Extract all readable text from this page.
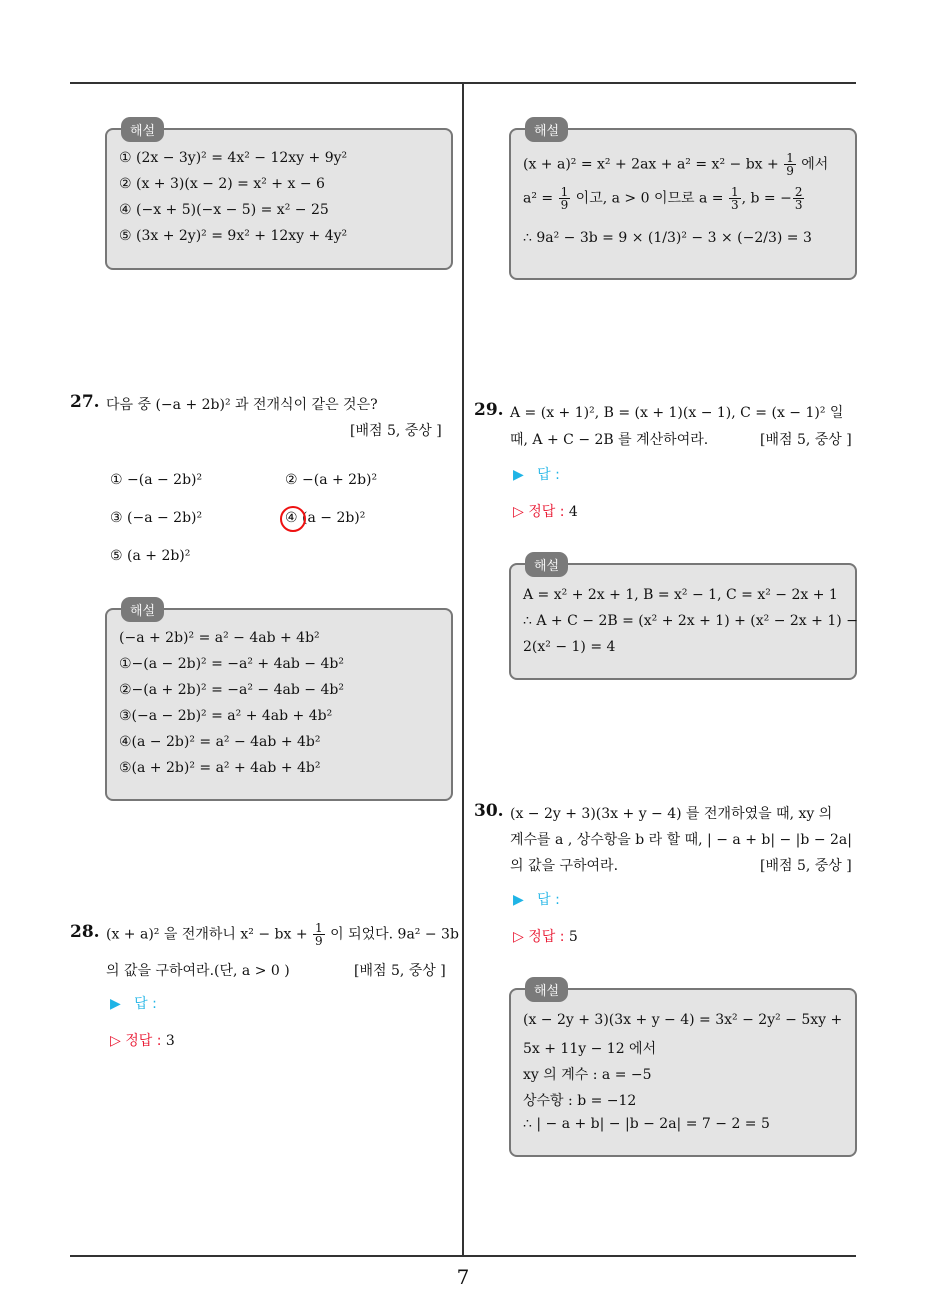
7
해설
① (2x − 3y)² = 4x² − 12xy + 9y²
② (x + 3)(x − 2) = x² + x − 6
④ (−x + 5)(−x − 5) = x² − 25
⑤ (3x + 2y)² = 9x² + 12xy + 4y²
27. 다음 중 (−a + 2b)² 과 전개식이 같은 것은?
[배점 5, 중상 ]
① −(a − 2b)²	② −(a + 2b)²
③ (−a − 2b)²	④ (a − 2b)²
⑤ (a + 2b)²
해설
(−a + 2b)² = a² − 4ab + 4b²
①−(a − 2b)² = −a² + 4ab − 4b²
②−(a + 2b)² = −a² − 4ab − 4b²
③(−a − 2b)² = a² + 4ab + 4b²
④(a − 2b)² = a² − 4ab + 4b²
⑤(a + 2b)² = a² + 4ab + 4b²
28. (x + a)² 을 전개하니 x² − bx + $\frac{1}{9}$ 이 되었다. 9a² − 3b
의 값을 구하여라.(단, a > 0 )	[배점 5, 중상 ]
▶ 답 :
▷ 정답 : 3
해설
(x + a)² = x² + 2ax + a² = x² − bx + $\frac{1}{9}$ 에서
$a^2 = \frac{1}{9}$ 이고, a > 0 이므로 $a = \frac{1}{3}$ , b = − $\frac{2}{3}$
∴ 9a² − 3b = 9 × (1/3)² − 3 × (−2/3) = 3
29. A = (x + 1)², B = (x + 1)(x − 1), C = (x − 1)² 일
때, A + C − 2B 를 계산하여라.	[배점 5, 중상 ]
▶ 답 :
▷ 정답 : 4
해설
A = x² + 2x + 1, B = x² − 1, C = x² − 2x + 1
∴ A + C − 2B = (x² + 2x + 1) + (x² − 2x + 1) −
2(x² − 1) = 4
30. (x − 2y + 3)(3x + y − 4) 를 전개하였을 때, xy 의
계수를 a , 상수항을 b 라 할 때, | − a + b| − |b − 2a|
의 값을 구하여라.	[배점 5, 중상 ]
▶ 답 :
▷ 정답 : 5
해설
(x − 2y + 3)(3x + y − 4) = 3x² − 2y² − 5xy +
5x + 11y − 12 에서
xy 의 계수 : a = −5
상수항 : b = −12
∴ | − a + b| − |b − 2a| = 7 − 2 = 5
